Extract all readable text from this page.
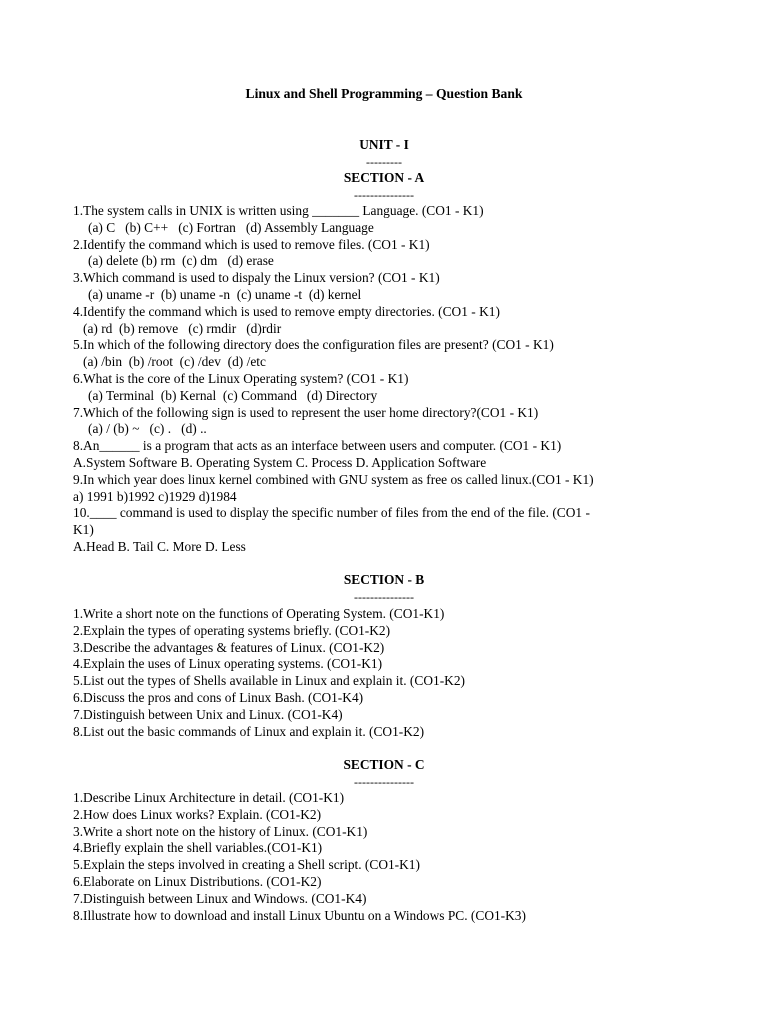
Linux and Shell Programming – Question Bank
UNIT - I
---------
SECTION - A
---------------
1.The system calls in UNIX is written using _______ Language. (CO1 - K1)
(a) C   (b) C++   (c) Fortran   (d) Assembly Language
2.Identify the command which is used to remove files. (CO1 - K1)
(a) delete (b) rm  (c) dm   (d) erase
3.Which command is used to dispaly the Linux version? (CO1 - K1)
(a) uname -r  (b) uname -n  (c) uname -t  (d) kernel
4.Identify the command which is used to remove empty directories. (CO1 - K1)
(a) rd  (b) remove   (c) rmdir   (d)rdir
5.In which of the following directory does the configuration files are present? (CO1 - K1)
(a) /bin  (b) /root  (c) /dev  (d) /etc
6.What is the core of the Linux Operating system? (CO1 - K1)
(a) Terminal  (b) Kernal  (c) Command   (d) Directory
7.Which of the following sign is used to represent the user home directory?(CO1 - K1)
(a) / (b) ~   (c) .   (d) ..
8.An______ is a program that acts as an interface between users and computer. (CO1 - K1)
A.System Software B. Operating System C. Process D. Application Software
9.In which year does linux kernel combined with GNU system as free os called linux.(CO1 - K1)
a) 1991 b)1992 c)1929 d)1984
10.____ command is used to display the specific number of files from the end of the file. (CO1 -
K1)
A.Head B. Tail C. More D. Less
SECTION - B
---------------
1.Write a short note on the functions of Operating System. (CO1-K1)
2.Explain the types of operating systems briefly. (CO1-K2)
3.Describe the advantages & features of Linux. (CO1-K2)
4.Explain the uses of Linux operating systems. (CO1-K1)
5.List out the types of Shells available in Linux and explain it. (CO1-K2)
6.Discuss the pros and cons of Linux Bash. (CO1-K4)
7.Distinguish between Unix and Linux. (CO1-K4)
8.List out the basic commands of Linux and explain it. (CO1-K2)
SECTION - C
---------------
1.Describe Linux Architecture in detail. (CO1-K1)
2.How does Linux works? Explain. (CO1-K2)
3.Write a short note on the history of Linux. (CO1-K1)
4.Briefly explain the shell variables.(CO1-K1)
5.Explain the steps involved in creating a Shell script. (CO1-K1)
6.Elaborate on Linux Distributions. (CO1-K2)
7.Distinguish between Linux and Windows. (CO1-K4)
8.Illustrate how to download and install Linux Ubuntu on a Windows PC. (CO1-K3)
